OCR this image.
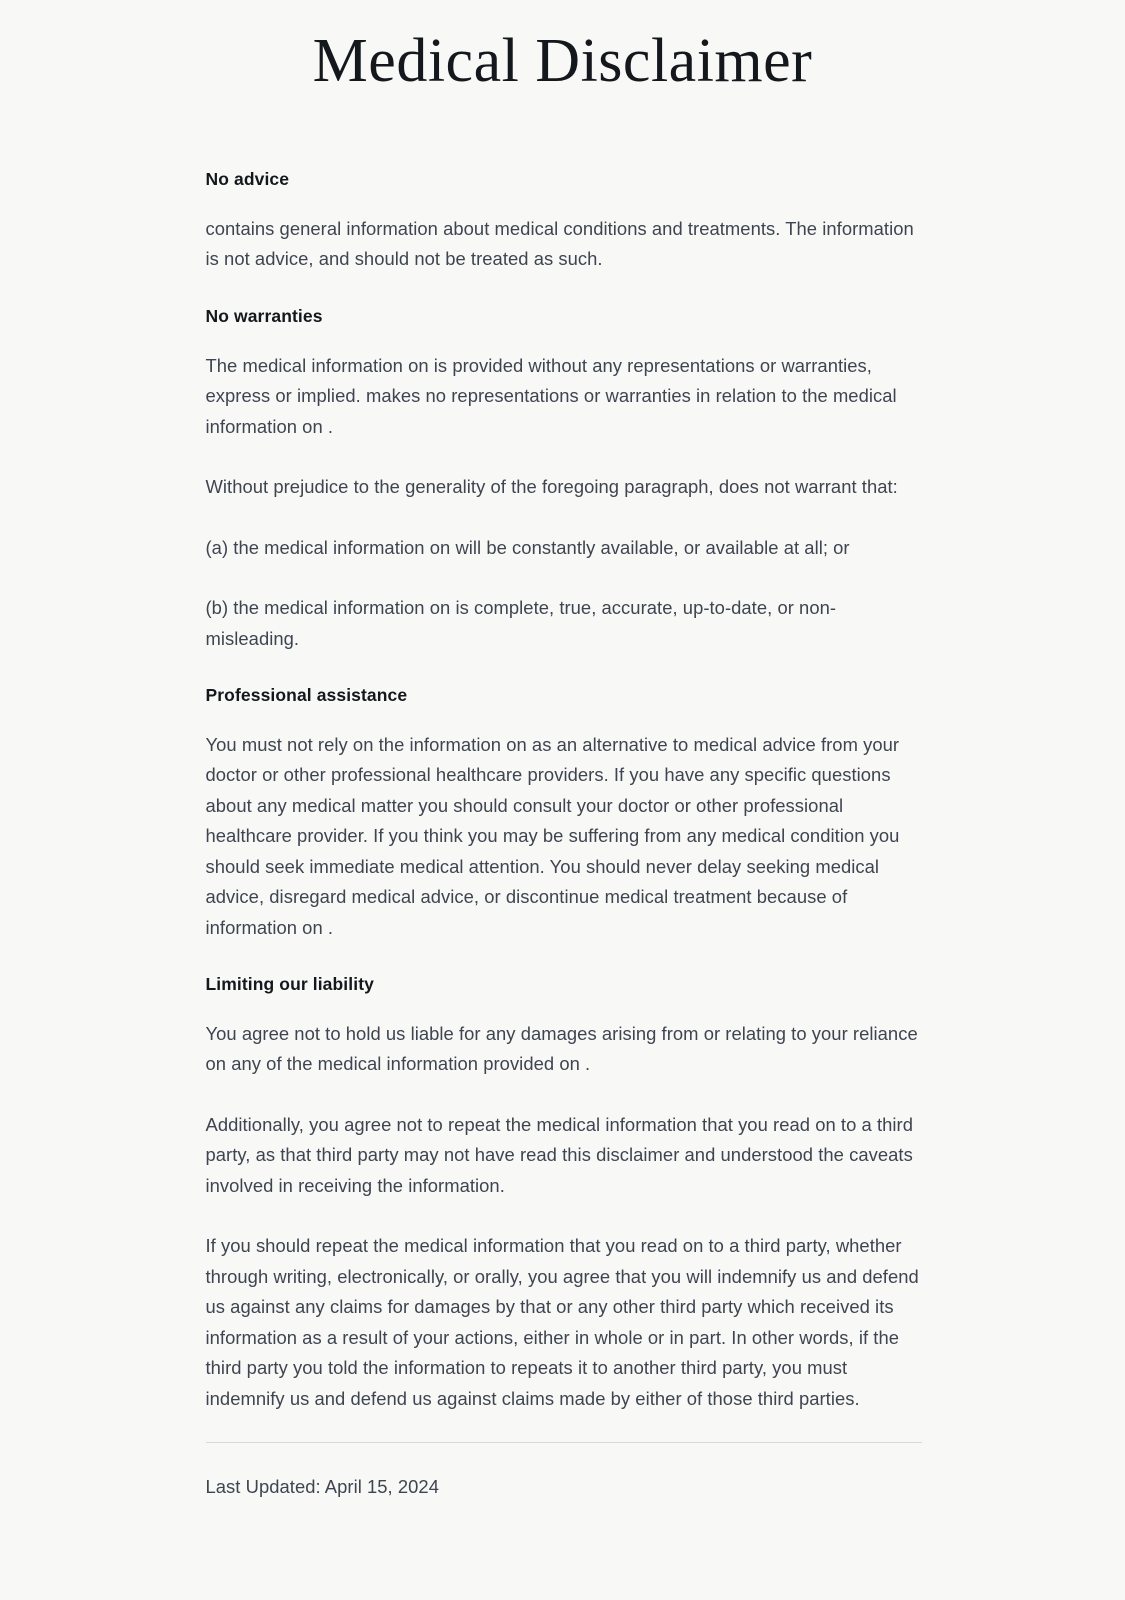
Medical Disclaimer
No advice

contains general information about medical conditions and treatments. The information is not advice, and should not be treated as such.

No warranties

The medical information on is provided without any representations or warranties, express or implied. makes no representations or warranties in relation to the medical information on .

Without prejudice to the generality of the foregoing paragraph, does not warrant that:

(a) the medical information on will be constantly available, or available at all; or

(b) the medical information on is complete, true, accurate, up-to-date, or non-misleading.

Professional assistance

You must not rely on the information on as an alternative to medical advice from your doctor or other professional healthcare providers. If you have any specific questions about any medical matter you should consult your doctor or other professional healthcare provider. If you think you may be suffering from any medical condition you should seek immediate medical attention. You should never delay seeking medical advice, disregard medical advice, or discontinue medical treatment because of information on .

Limiting our liability

You agree not to hold us liable for any damages arising from or relating to your reliance on any of the medical information provided on .

Additionally, you agree not to repeat the medical information that you read on to a third party, as that third party may not have read this disclaimer and understood the caveats involved in receiving the information.

If you should repeat the medical information that you read on to a third party, whether through writing, electronically, or orally, you agree that you will indemnify us and defend us against any claims for damages by that or any other third party which received its information as a result of your actions, either in whole or in part. In other words, if the third party you told the information to repeats it to another third party, you must indemnify us and defend us against claims made by either of those third parties.

Last Updated: April 15, 2024
